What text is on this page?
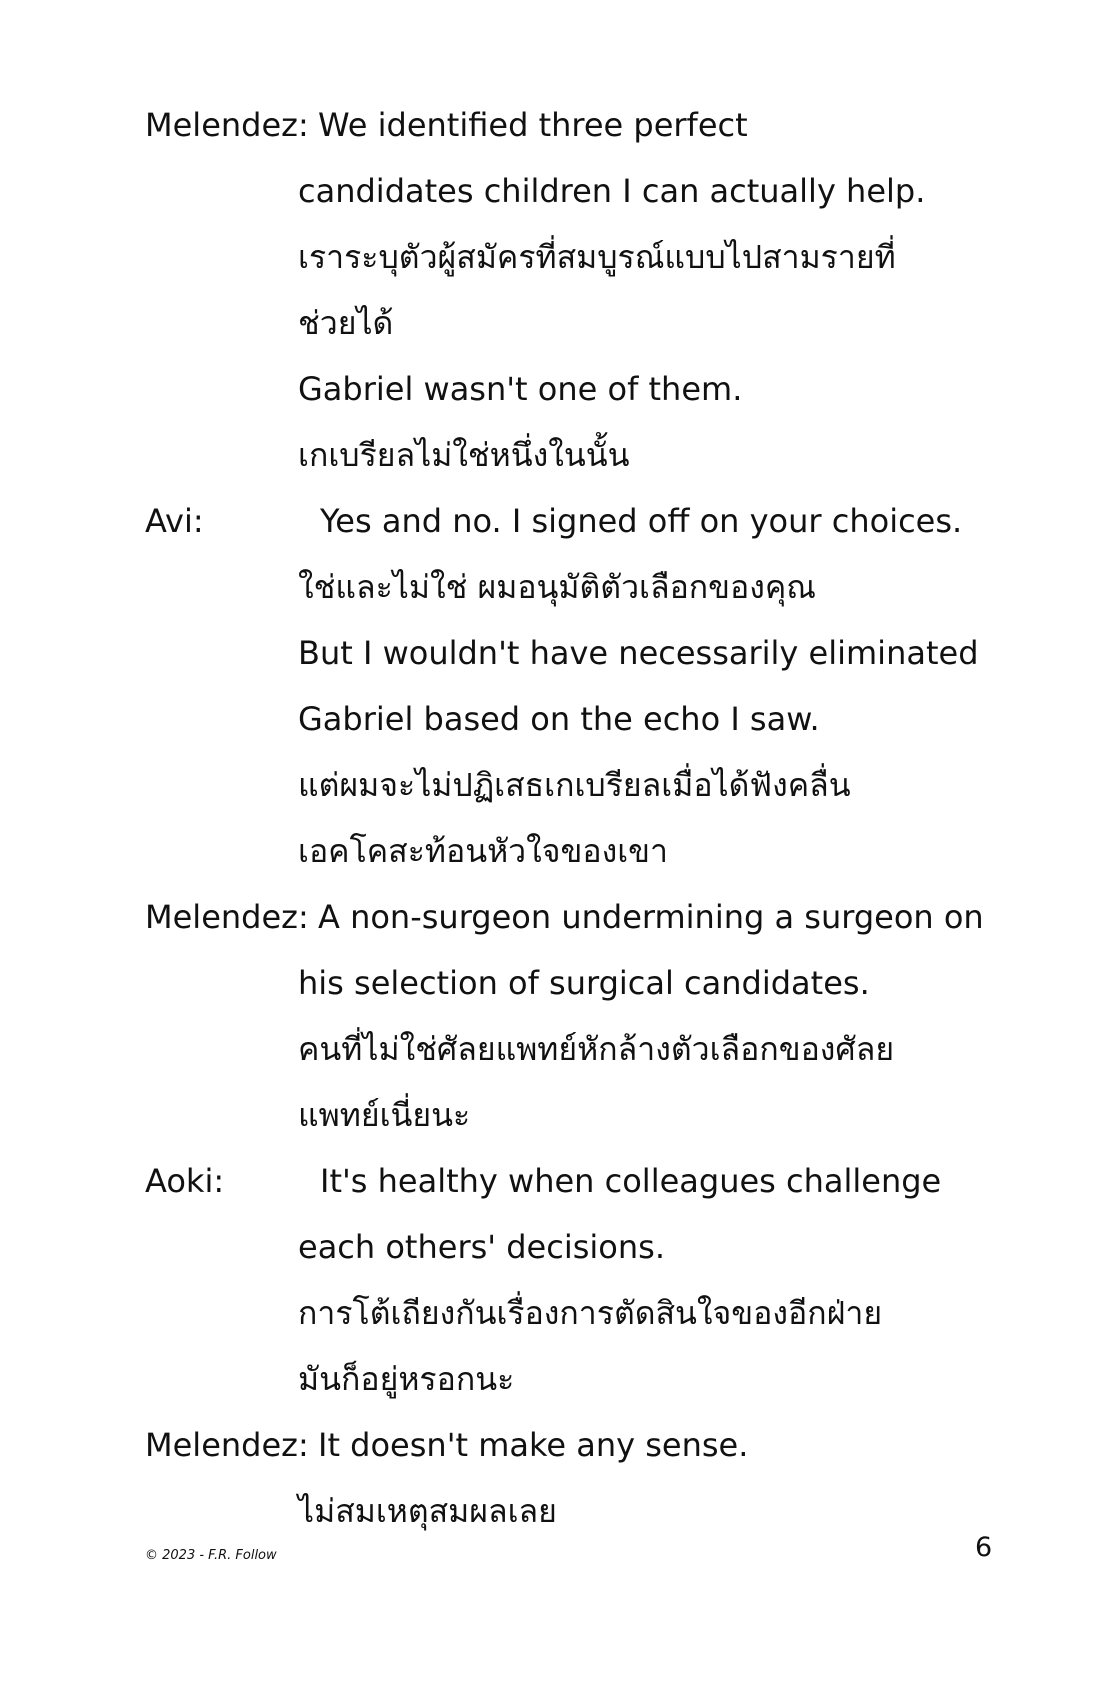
Melendez: We identified three perfect
candidates children I can actually help.
เราระบุตัวผู้สมัครที่สมบูรณ์แบบไปสามรายที่
ช่วยได้
Gabriel wasn't one of them.
เกเบรียลไม่ใช่หนึ่งในนั้น
Avi:	Yes and no. I signed off on your choices.
ใช่และไม่ใช่ ผมอนุมัติตัวเลือกของคุณ
But I wouldn't have necessarily eliminated
Gabriel based on the echo I saw.
แต่ผมจะไม่ปฏิเสธเกเบรียลเมื่อได้ฟังคลื่น
เอคโคสะท้อนหัวใจของเขา
Melendez: A non-surgeon undermining a surgeon on
his selection of surgical candidates.
คนที่ไม่ใช่ศัลยแพทย์หักล้างตัวเลือกของศัลย
แพทย์เนี่ยนะ
Aoki:	It's healthy when colleagues challenge
each others' decisions.
การโต้เถียงกันเรื่องการตัดสินใจของอีกฝ่าย
มันก็อยู่หรอกนะ
Melendez: It doesn't make any sense.
ไม่สมเหตุสมผลเลย
© 2023 - F.R. Follow	6
